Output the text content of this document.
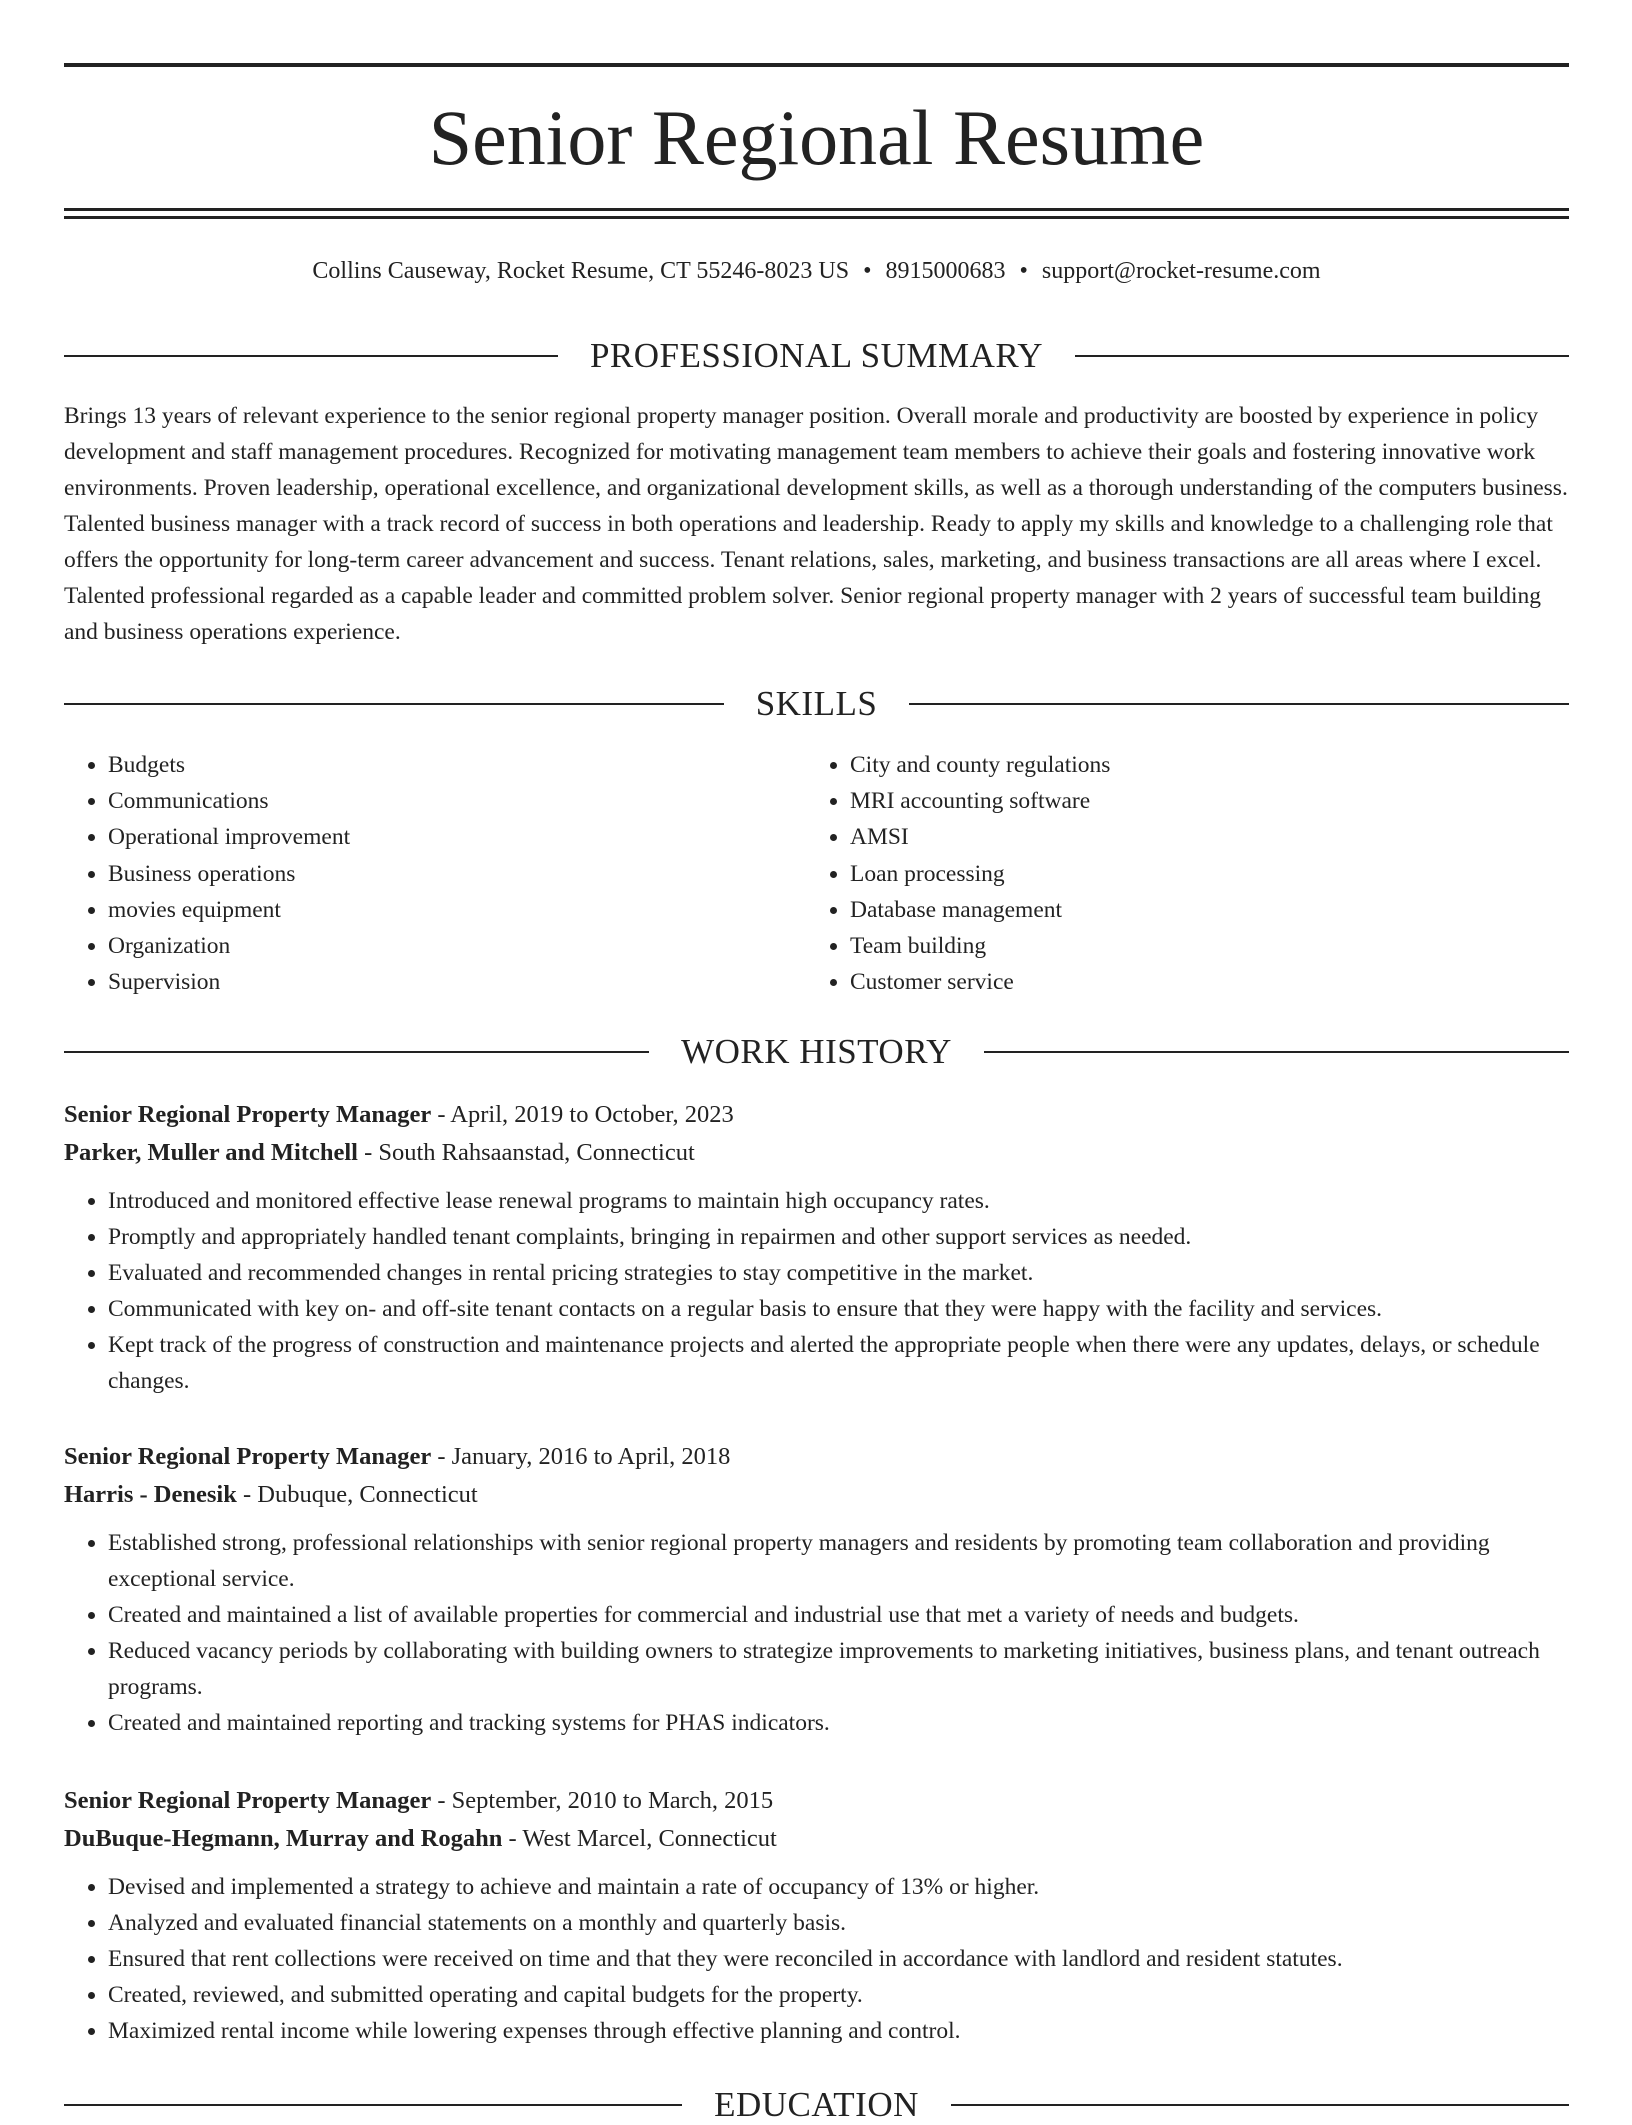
Senior Regional Resume
Collins Causeway, Rocket Resume, CT 55246-8023 US • 8915000683 • support@rocket-resume.com
PROFESSIONAL SUMMARY

Brings 13 years of relevant experience to the senior regional property manager position. Overall morale and productivity are boosted by experience in policy development and staff management procedures. Recognized for motivating management team members to achieve their goals and fostering innovative work environments. Proven leadership, operational excellence, and organizational development skills, as well as a thorough understanding of the computers business. Talented business manager with a track record of success in both operations and leadership. Ready to apply my skills and knowledge to a challenging role that offers the opportunity for long-term career advancement and success. Tenant relations, sales, marketing, and business transactions are all areas where I excel. Talented professional regarded as a capable leader and committed problem solver. Senior regional property manager with 2 years of successful team building and business operations experience.

SKILLS
• Budgets
• Communications
• Operational improvement
• Business operations
• movies equipment
• Organization
• Supervision
• City and county regulations
• MRI accounting software
• AMSI
• Loan processing
• Database management
• Team building
• Customer service
WORK HISTORY

Senior Regional Property Manager - April, 2019 to October, 2023

Parker, Muller and Mitchell - South Rahsaanstad, Connecticut

• Introduced and monitored effective lease renewal programs to maintain high occupancy rates.
• Promptly and appropriately handled tenant complaints, bringing in repairmen and other support services as needed.
• Evaluated and recommended changes in rental pricing strategies to stay competitive in the market.
• Communicated with key on- and off-site tenant contacts on a regular basis to ensure that they were happy with the facility and services.
• Kept track of the progress of construction and maintenance projects and alerted the appropriate people when there were any updates, delays, or schedule changes.

Senior Regional Property Manager - January, 2016 to April, 2018

Harris - Denesik - Dubuque, Connecticut

• Established strong, professional relationships with senior regional property managers and residents by promoting team collaboration and providing exceptional service.
• Created and maintained a list of available properties for commercial and industrial use that met a variety of needs and budgets.
• Reduced vacancy periods by collaborating with building owners to strategize improvements to marketing initiatives, business plans, and tenant outreach programs.
• Created and maintained reporting and tracking systems for PHAS indicators.

Senior Regional Property Manager - September, 2010 to March, 2015

DuBuque-Hegmann, Murray and Rogahn - West Marcel, Connecticut

• Devised and implemented a strategy to achieve and maintain a rate of occupancy of 13% or higher.
• Analyzed and evaluated financial statements on a monthly and quarterly basis.
• Ensured that rent collections were received on time and that they were reconciled in accordance with landlord and resident statutes.
• Created, reviewed, and submitted operating and capital budgets for the property.
• Maximized rental income while lowering expenses through effective planning and control.
EDUCATION
